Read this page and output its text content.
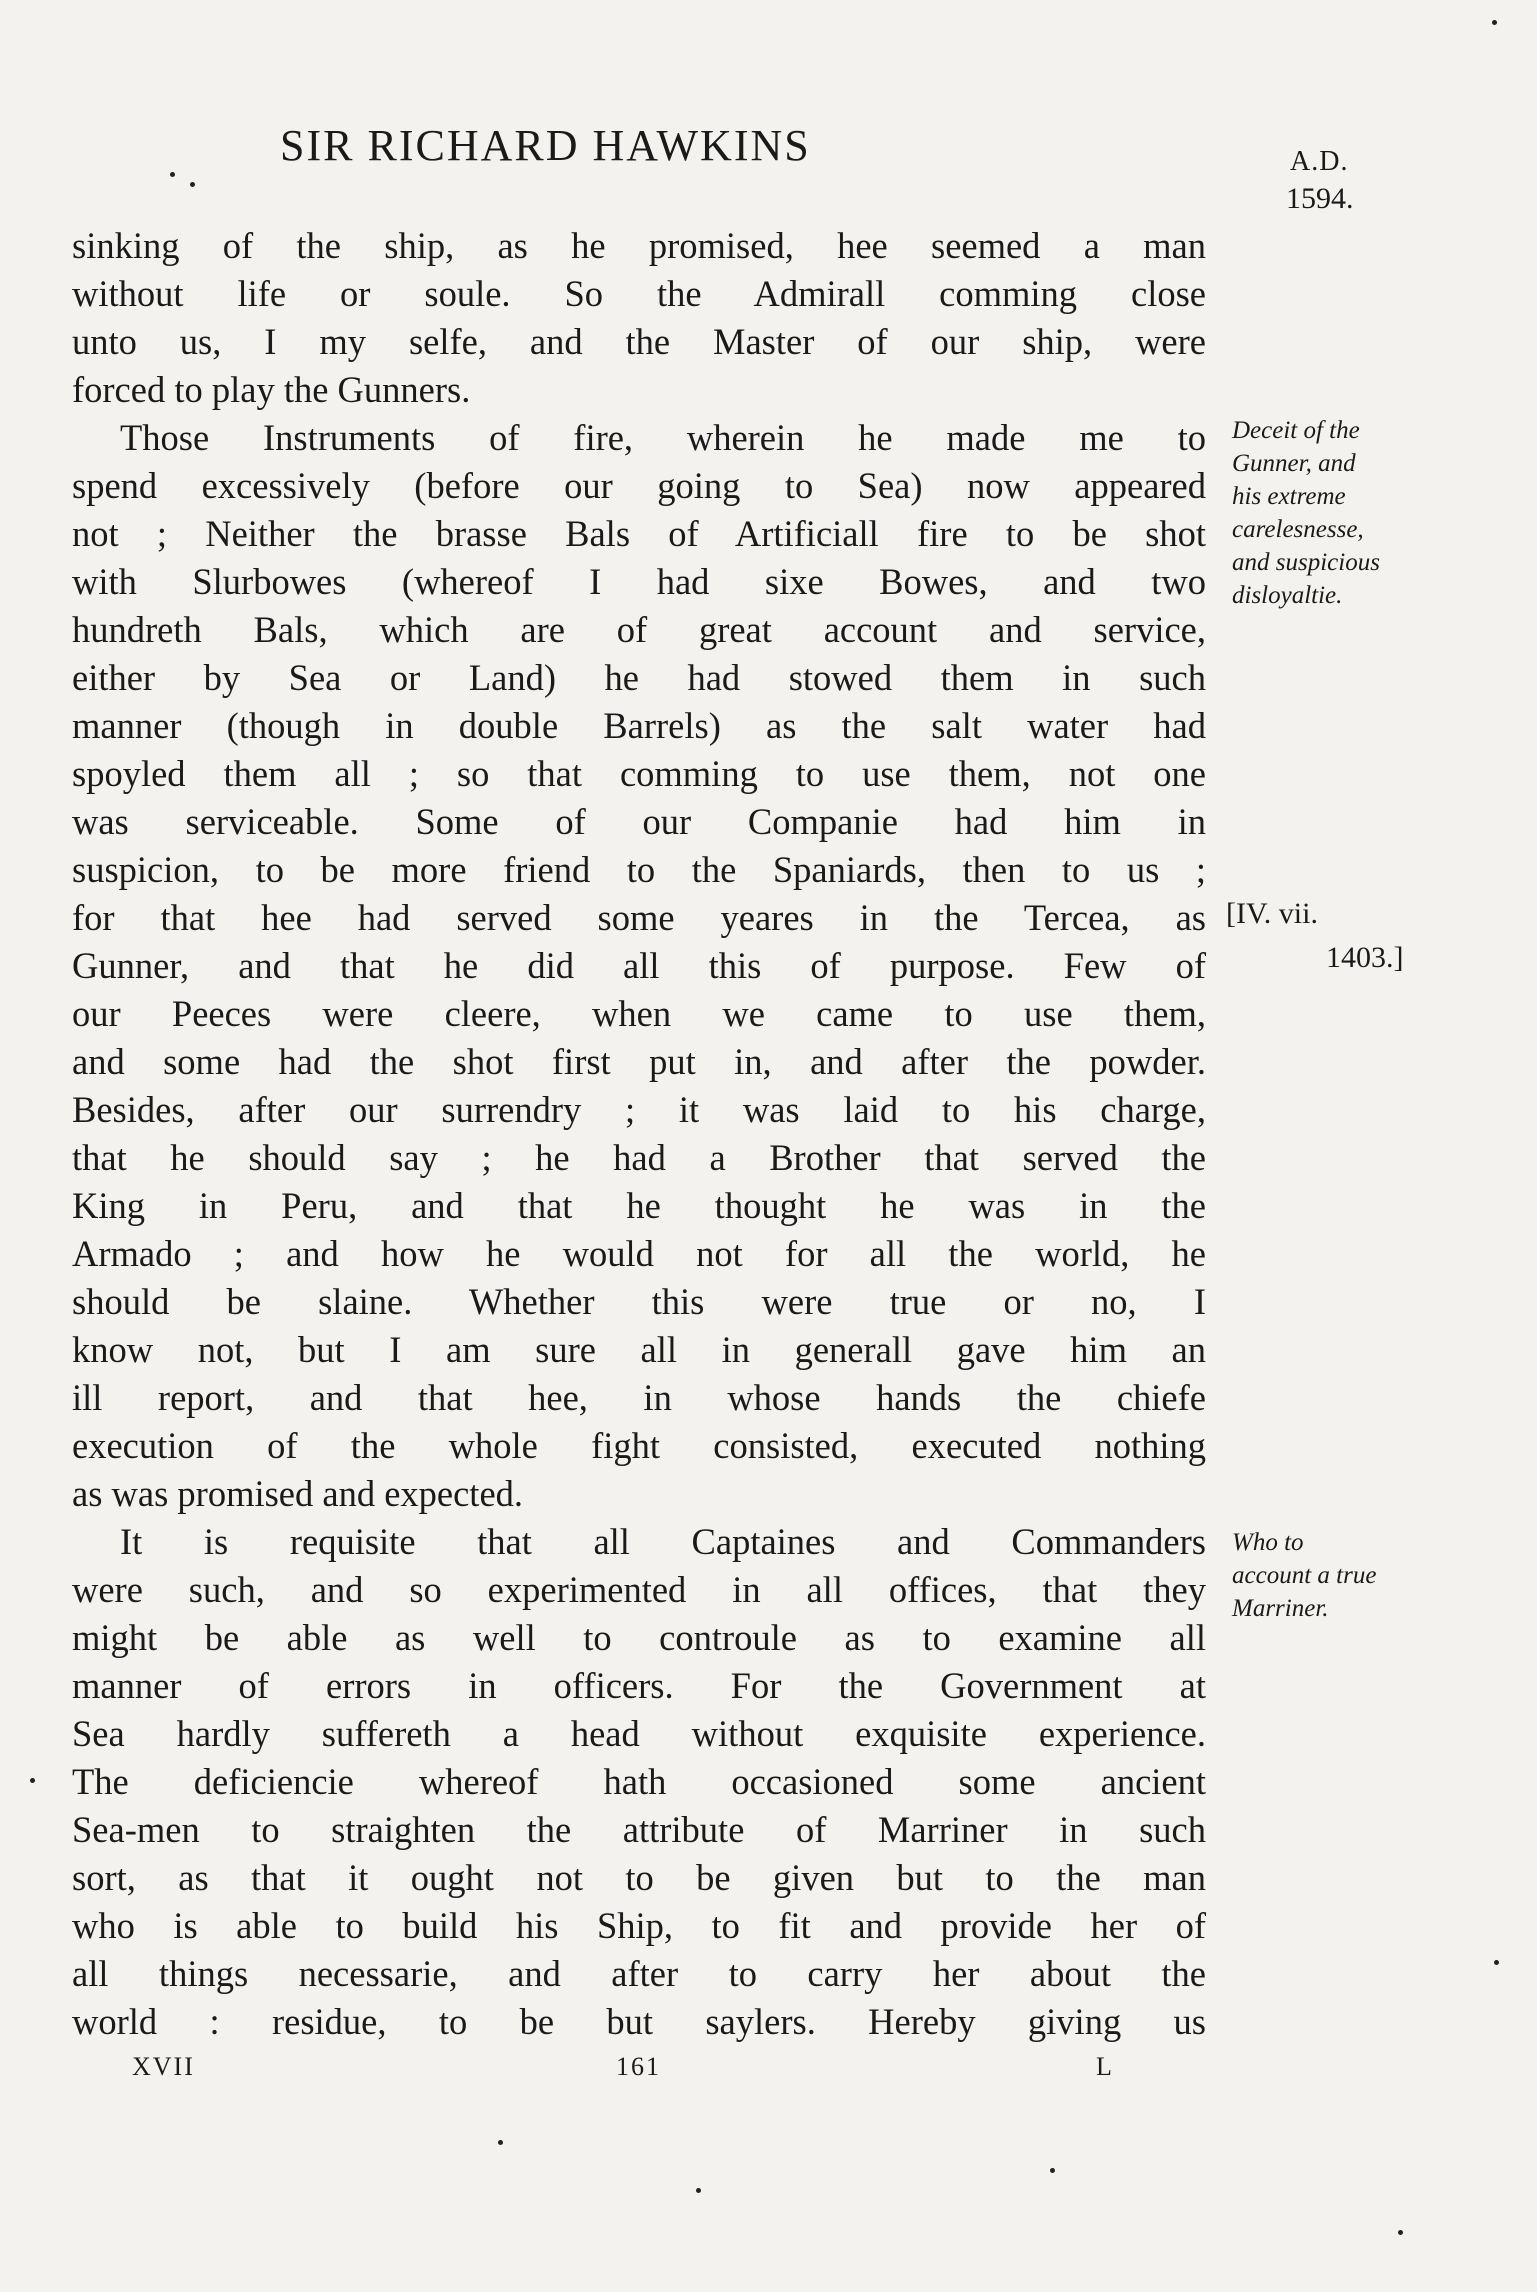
SIR RICHARD HAWKINS	A.D.
1594.
sinking of the ship, as he promised, hee seemed a man
without life or soule. So the Admirall comming close
unto us, I my selfe, and the Master of our ship, were
forced to play the Gunners.
Those Instruments of fire, wherein he made me to
spend excessively (before our going to Sea) now appeared
not ; Neither the brasse Bals of Artificiall fire to be shot
with Slurbowes (whereof I had sixe Bowes, and two
hundreth Bals, which are of great account and service,
either by Sea or Land) he had stowed them in such
manner (though in double Barrels) as the salt water had
spoyled them all ; so that comming to use them, not one
was serviceable. Some of our Companie had him in
suspicion, to be more friend to the Spaniards, then to us ;
for that hee had served some yeares in the Tercea, as
Gunner, and that he did all this of purpose. Few of
our Peeces were cleere, when we came to use them,
and some had the shot first put in, and after the powder.
Besides, after our surrendry ; it was laid to his charge,
that he should say ; he had a Brother that served the
King in Peru, and that he thought he was in the
Armado ; and how he would not for all the world, he
should be slaine. Whether this were true or no, I
know not, but I am sure all in generall gave him an
ill report, and that hee, in whose hands the chiefe
execution of the whole fight consisted, executed nothing
as was promised and expected.
It is requisite that all Captaines and Commanders
were such, and so experimented in all offices, that they
might be able as well to controule as to examine all
manner of errors in officers. For the Government at
Sea hardly suffereth a head without exquisite experience.
The deficiencie whereof hath occasioned some ancient
Sea-men to straighten the attribute of Marriner in such
sort, as that it ought not to be given but to the man
who is able to build his Ship, to fit and provide her of
all things necessarie, and after to carry her about the
world : residue, to be but saylers. Hereby giving us
Deceit of the
Gunner, and
his extreme
carelesnesse,
and suspicious
disloyaltie.
[IV. vii.
1403.]
Who to
account a true
Marriner.
XVII	161	L
